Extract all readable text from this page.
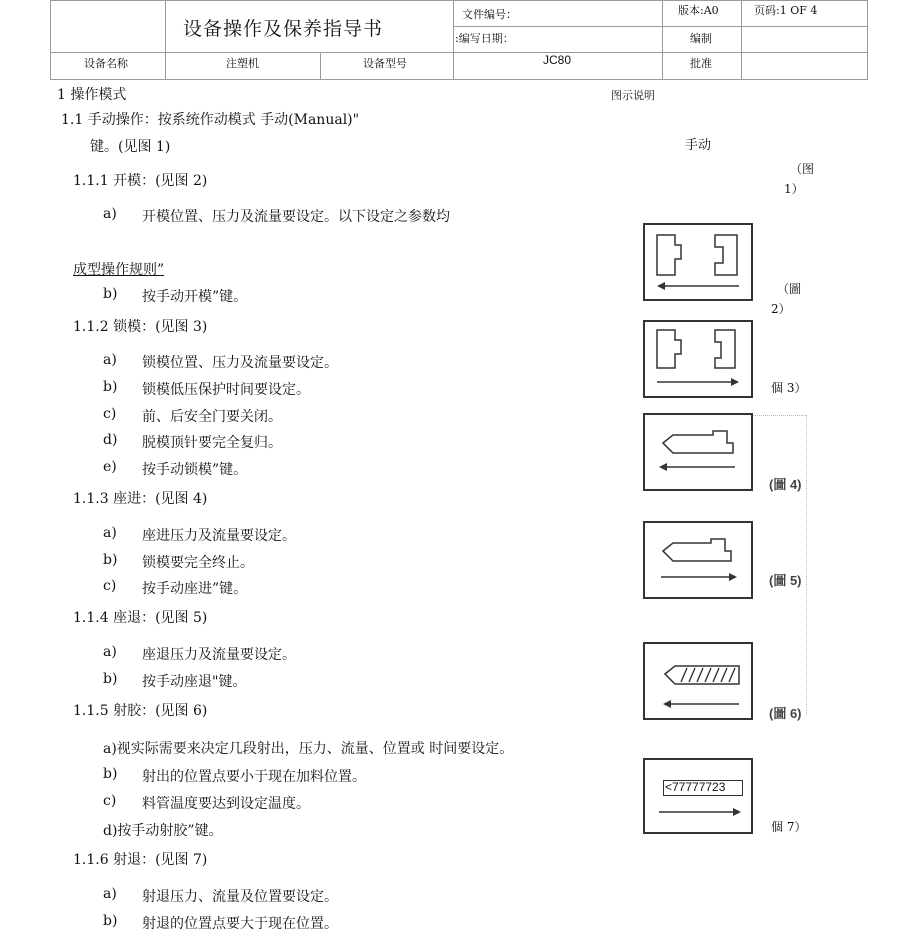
设备操作及保养指导书
文件编号：	版本:A0	页码:1 OF 4
:编写日期：	编制
设备名称	注塑机	设备型号	JC80	批准
1 操作模式	图示说明
1.1 手动操作：按系统作动模式 手动(Manual)"
键。(见图 1)	手动
1.1.1 开模：(见图 2)
a) 开模位置、压力及流量要设定。以下设定之参数均
成型操作规则”
b) 按手动开模”键。
1.1.2 锁模：(见图 3)
a) 锁模位置、压力及流量要设定。
b) 锁模低压保护时间要设定。
c) 前、后安全门要关闭。
d) 脱模顶针要完全复归。
e) 按手动锁模”键。
1.1.3 座进：(见图 4)
a) 座进压力及流量要设定。
b) 锁模要完全终止。
c) 按手动座进”键。
1.1.4 座退：(见图 5)
a) 座退压力及流量要设定。
b) 按手动座退"键。
1.1.5 射胶：(见图 6)
a)视实际需要来决定几段射出，压力、流量、位置或 时间要设定。
b) 射出的位置点要小于现在加料位置。
c) 料管温度要达到设定温度。
d)按手动射胶”键。
1.1.6 射退：(见图 7)
a) 射退压力、流量及位置要设定。
b) 射退的位置点要大于现在位置。
（图
1）
（圖
2）
個 3）
(圖 4)
(圖 5)
(圖 6)
個 7）
<77777723
